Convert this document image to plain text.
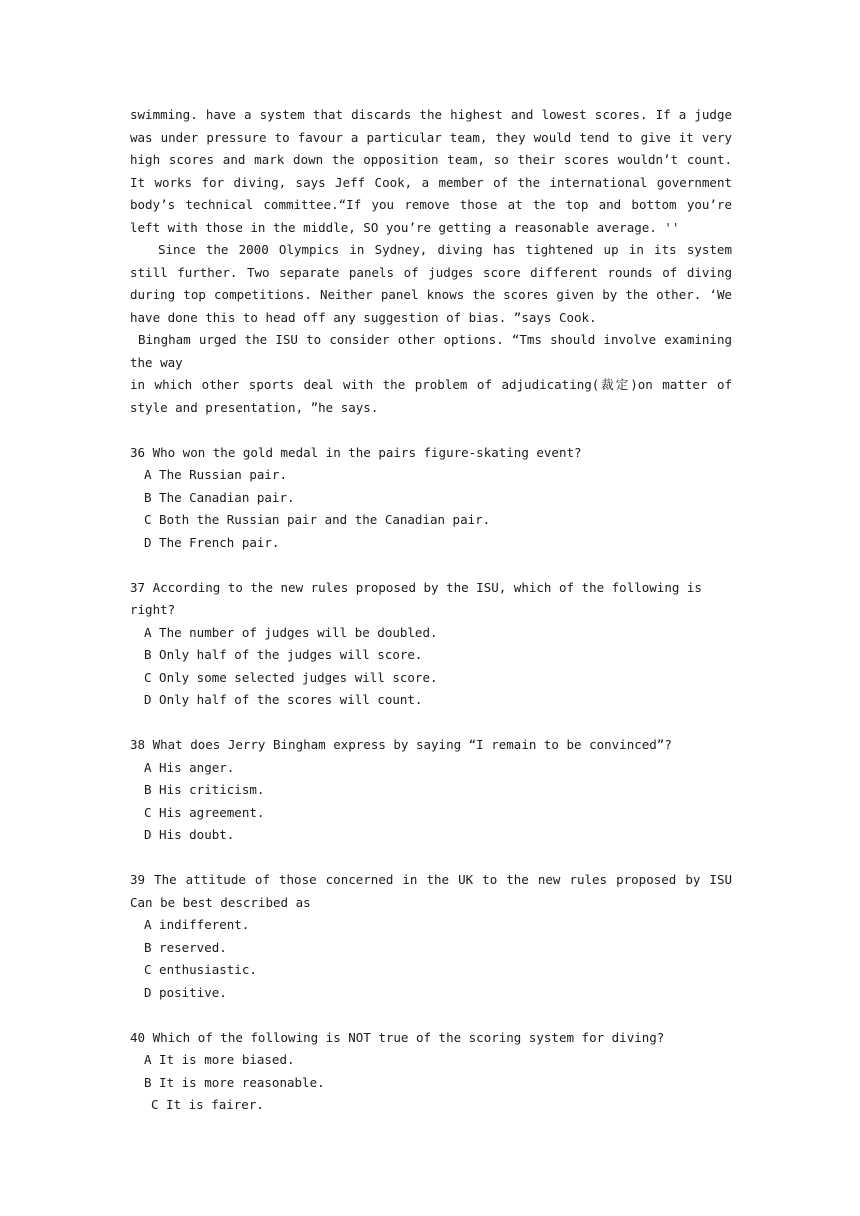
swimming. have a system that discards the highest and lowest scores. If a judge was under pressure to favour a particular team, they would tend to give it very high scores and mark down the opposition team, so their scores wouldn’t count. It works for diving, says Jeff Cook, a member of the international government body’s technical committee.“If you remove those at the top and bottom you’re left with those in the middle, SO you’re getting a reasonable average. ''

Since the 2000 Olympics in Sydney, diving has tightened up in its system still further. Two separate panels of judges score different rounds of diving during top competitions. Neither panel knows the scores given by the other. ‘We have done this to head off any suggestion of bias. ”says Cook.

Bingham urged the ISU to consider other options. “Tms should involve examining the way

in which other sports deal with the problem of adjudicating(裁定)on matter of style and presentation, ”he says.

36 Who won the gold medal in the pairs figure-skating event?

A The Russian pair.

B The Canadian pair.

C Both the Russian pair and the Canadian pair.

D The French pair.

37 According to the new rules proposed by the ISU, which of the following is right?

A The number of judges will be doubled.

B Only half of the judges will score.

C Only some selected judges will score.

D Only half of the scores will count.

38 What does Jerry Bingham express by saying “I remain to be convinced”?

A His anger.

B His criticism.

C His agreement.

D His doubt.

39 The attitude of those concerned in the UK to the new rules proposed by ISU Can be best described as

A indifferent.

B reserved.

C enthusiastic.

D positive.

40 Which of the following is NOT true of the scoring system for diving?

A It is more biased.

B It is more reasonable.

C It is fairer.
